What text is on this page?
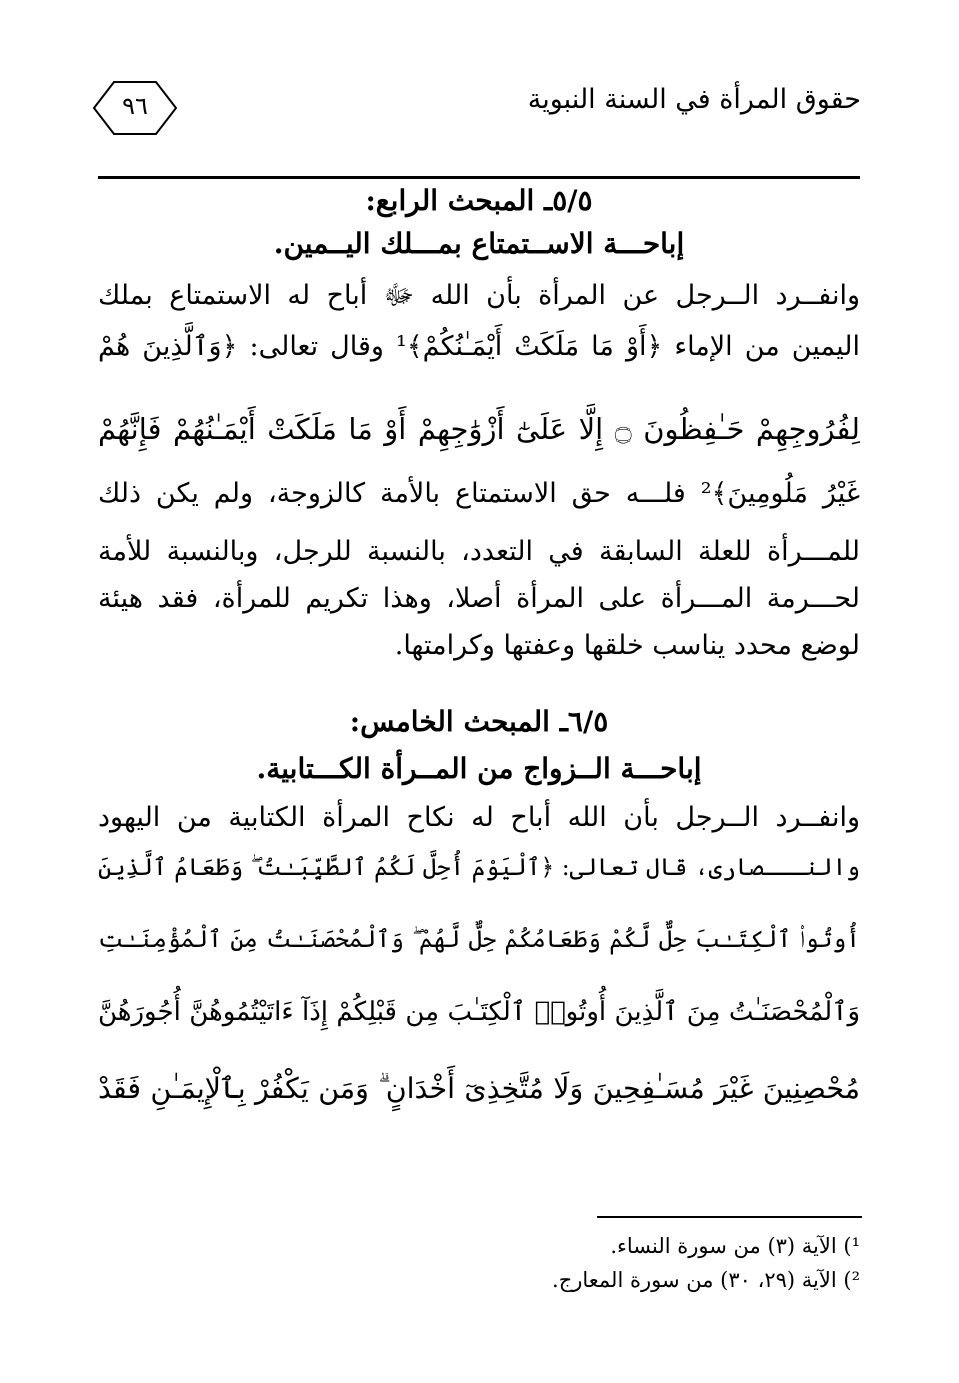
حقوق المرأة في السنة النبوية
٩٦
٥/٥ـ المبحث الرابع:
إباحـــة الاســتمتاع بمـــلك اليــمين.
وانفــرد الــرجل عن المرأة بأن الله ﷻ أباح له الاستمتاع بملك
اليمين من الإماء ﴿أَوْ مَا مَلَكَتْ أَيْمَـٰنُكُمْ﴾¹ وقال تعالى: ﴿وَٱلَّذِينَ هُمْ
لِفُرُوجِهِمْ حَـٰفِظُونَ ۝ إِلَّا عَلَىٰٓ أَزْوَٰجِهِمْ أَوْ مَا مَلَكَتْ أَيْمَـٰنُهُمْ فَإِنَّهُمْ
غَيْرُ مَلُومِينَ﴾² فلـــه حق الاستمتاع بالأمة كالزوجة، ولم يكن ذلك
للمـــرأة للعلة السابقة في التعدد، بالنسبة للرجل، وبالنسبة للأمة
لحـــرمة المـــرأة على المرأة أصلا، وهذا تكريم للمرأة، فقد هيئة
لوضع محدد يناسب خلقها وعفتها وكرامتها.
٦/٥ـ المبحث الخامس:
إباحـــة الــزواج من المــرأة الكـــتابية.
وانفــرد الــرجل بأن الله أباح له نكاح المرأة الكتابية من اليهود
والنـــصارى، قال تعالى: ﴿ٱلْيَوْمَ أُحِلَّ لَكُمُ ٱلطَّيِّبَـٰتُ ۖ وَطَعَامُ ٱلَّذِينَ
أُوتُوا۟ ٱلْكِتَـٰبَ حِلٌّ لَّكُمْ وَطَعَامُكُمْ حِلٌّ لَّهُمْ ۖ وَٱلْمُحْصَنَـٰتُ مِنَ ٱلْمُؤْمِنَـٰتِ
وَٱلْمُحْصَنَـٰتُ مِنَ ٱلَّذِينَ أُوتُوا۟ ٱلْكِتَـٰبَ مِن قَبْلِكُمْ إِذَآ ءَاتَيْتُمُوهُنَّ أُجُورَهُنَّ
مُحْصِنِينَ غَيْرَ مُسَـٰفِحِينَ وَلَا مُتَّخِذِىٓ أَخْدَانٍ ۗ وَمَن يَكْفُرْ بِٱلْإِيمَـٰنِ فَقَدْ
¹) الآية (٣) من سورة النساء.
²) الآية (٢٩، ٣٠) من سورة المعارج.
